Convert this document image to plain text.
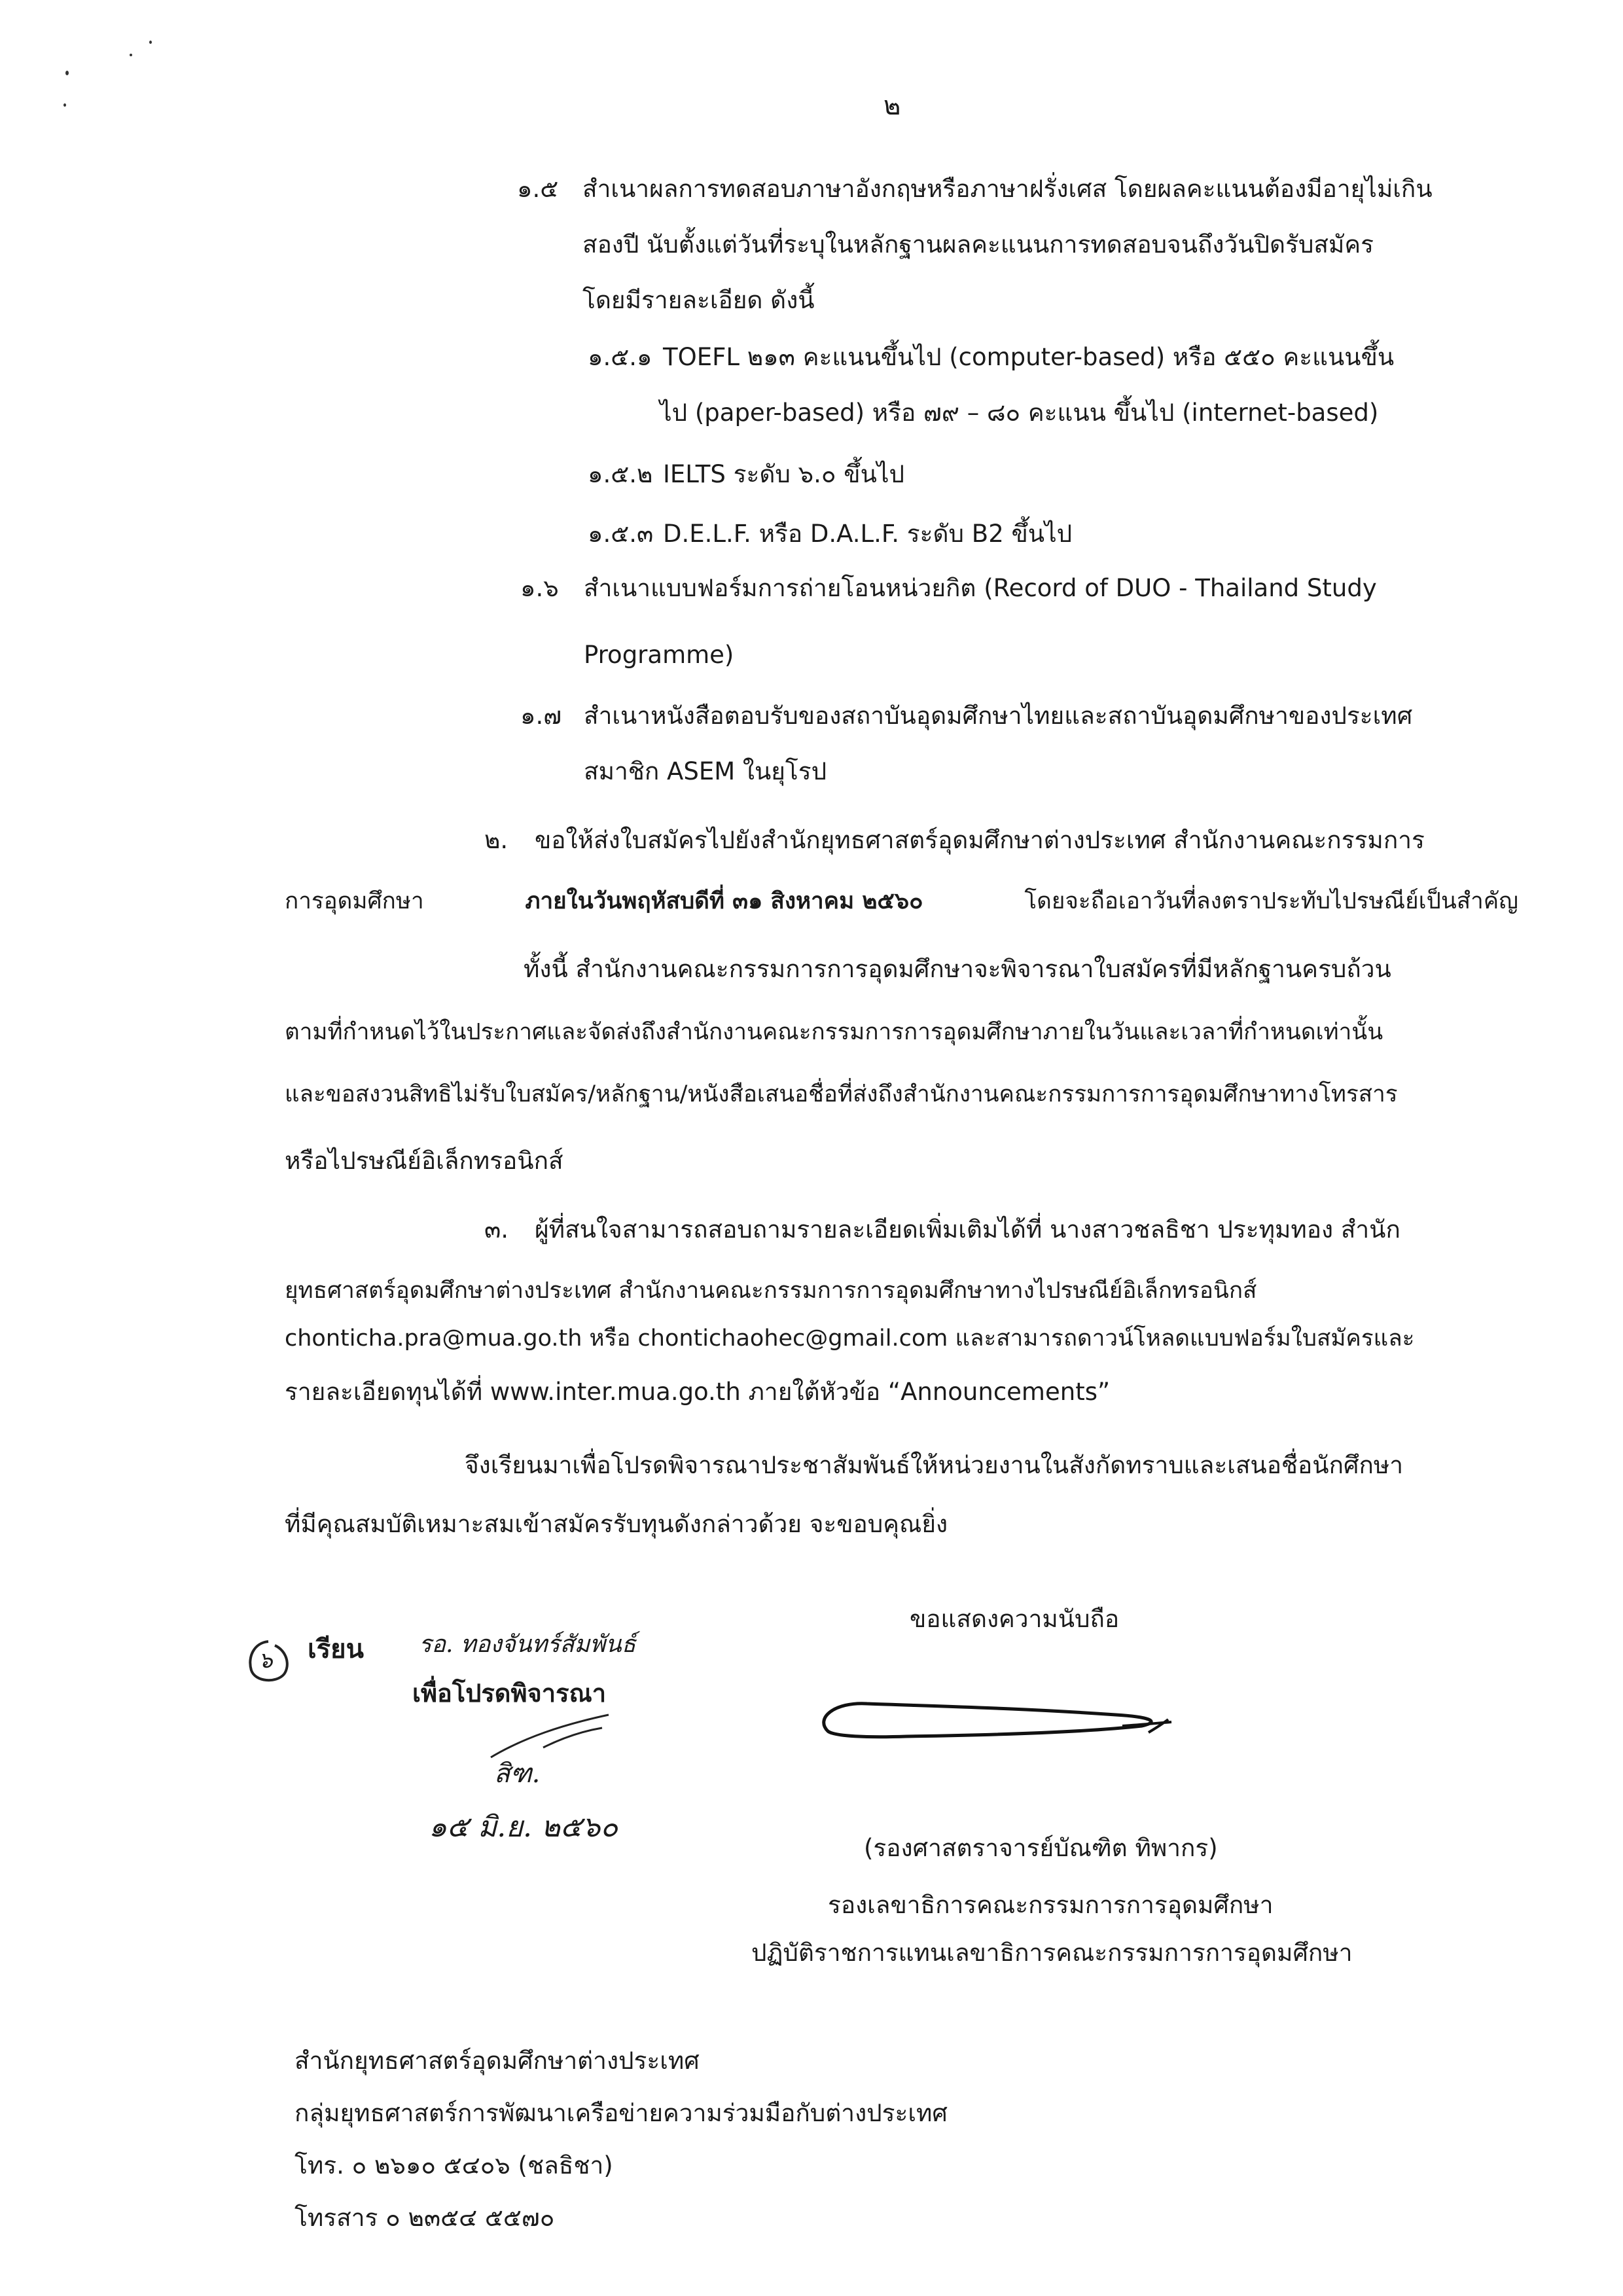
๒
๑.๕ สำเนาผลการทดสอบภาษาอังกฤษหรือภาษาฝรั่งเศส โดยผลคะแนนต้องมีอายุไม่เกิน
สองปี นับตั้งแต่วันที่ระบุในหลักฐานผลคะแนนการทดสอบจนถึงวันปิดรับสมัคร
โดยมีรายละเอียด ดังนี้
๑.๕.๑ TOEFL ๒๑๓ คะแนนขึ้นไป (computer-based) หรือ ๕๕๐ คะแนนขึ้น
ไป (paper-based) หรือ ๗๙ – ๘๐ คะแนน ขึ้นไป (internet-based)
๑.๕.๒ IELTS ระดับ ๖.๐ ขึ้นไป
๑.๕.๓ D.E.L.F. หรือ D.A.L.F. ระดับ B2 ขึ้นไป
๑.๖ สำเนาแบบฟอร์มการถ่ายโอนหน่วยกิต (Record of DUO - Thailand Study
Programme)
๑.๗ สำเนาหนังสือตอบรับของสถาบันอุดมศึกษาไทยและสถาบันอุดมศึกษาของประเทศ
สมาชิก ASEM ในยุโรป
๒. ขอให้ส่งใบสมัครไปยังสำนักยุทธศาสตร์อุดมศึกษาต่างประเทศ สำนักงานคณะกรรมการ
การอุดมศึกษา	ภายในวันพฤหัสบดีที่ ๓๑ สิงหาคม ๒๕๖๐	โดยจะถือเอาวันที่ลงตราประทับไปรษณีย์เป็นสำคัญ
ทั้งนี้ สำนักงานคณะกรรมการการอุดมศึกษาจะพิจารณาใบสมัครที่มีหลักฐานครบถ้วน
ตามที่กำหนดไว้ในประกาศและจัดส่งถึงสำนักงานคณะกรรมการการอุดมศึกษาภายในวันและเวลาที่กำหนดเท่านั้น
และขอสงวนสิทธิไม่รับใบสมัคร/หลักฐาน/หนังสือเสนอชื่อที่ส่งถึงสำนักงานคณะกรรมการการอุดมศึกษาทางโทรสาร
หรือไปรษณีย์อิเล็กทรอนิกส์
๓. ผู้ที่สนใจสามารถสอบถามรายละเอียดเพิ่มเติมได้ที่ นางสาวชลธิชา ประทุมทอง สำนัก
ยุทธศาสตร์อุดมศึกษาต่างประเทศ สำนักงานคณะกรรมการการอุดมศึกษาทางไปรษณีย์อิเล็กทรอนิกส์
chonticha.pra@mua.go.th หรือ chontichaohec@gmail.com และสามารถดาวน์โหลดแบบฟอร์มใบสมัครและ
รายละเอียดทุนได้ที่ www.inter.mua.go.th ภายใต้หัวข้อ “Announcements”
จึงเรียนมาเพื่อโปรดพิจารณาประชาสัมพันธ์ให้หน่วยงานในสังกัดทราบและเสนอชื่อนักศึกษา
ที่มีคุณสมบัติเหมาะสมเข้าสมัครรับทุนดังกล่าวด้วย จะขอบคุณยิ่ง
๖ เรียน รอ. ทองจันทร์สัมพันธ์
เพื่อโปรดพิจารณา
สิฑ.
๑๕ มิ.ย. ๒๕๖๐
ขอแสดงความนับถือ
(รองศาสตราจารย์บัณฑิต ทิพากร)
รองเลขาธิการคณะกรรมการการอุดมศึกษา
ปฏิบัติราชการแทนเลขาธิการคณะกรรมการการอุดมศึกษา
สำนักยุทธศาสตร์อุดมศึกษาต่างประเทศ
กลุ่มยุทธศาสตร์การพัฒนาเครือข่ายความร่วมมือกับต่างประเทศ
โทร. ๐ ๒๖๑๐ ๕๔๐๖ (ชลธิชา)
โทรสาร ๐ ๒๓๕๔ ๕๕๗๐
